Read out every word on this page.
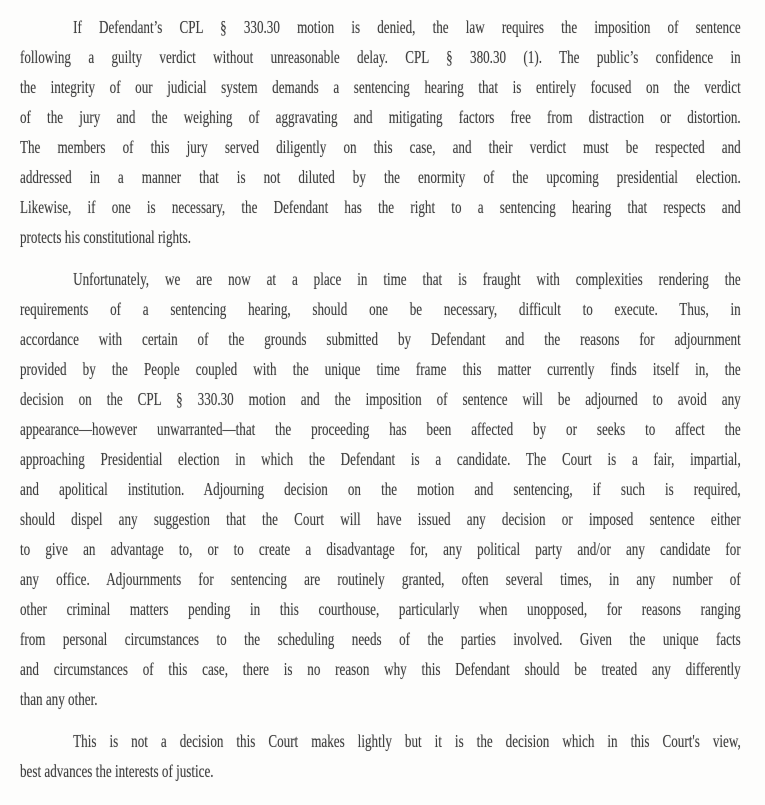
If Defendant’s CPL § 330.30 motion is denied, the law requires the imposition of sentence
following a guilty verdict without unreasonable delay. CPL § 380.30 (1). The public’s confidence in
the integrity of our judicial system demands a sentencing hearing that is entirely focused on the verdict
of the jury and the weighing of aggravating and mitigating factors free from distraction or distortion.
The members of this jury served diligently on this case, and their verdict must be respected and
addressed in a manner that is not diluted by the enormity of the upcoming presidential election.
Likewise, if one is necessary, the Defendant has the right to a sentencing hearing that respects and
protects his constitutional rights.
Unfortunately, we are now at a place in time that is fraught with complexities rendering the
requirements of a sentencing hearing, should one be necessary, difficult to execute. Thus, in
accordance with certain of the grounds submitted by Defendant and the reasons for adjournment
provided by the People coupled with the unique time frame this matter currently finds itself in, the
decision on the CPL § 330.30 motion and the imposition of sentence will be adjourned to avoid any
appearance—however unwarranted—that the proceeding has been affected by or seeks to affect the
approaching Presidential election in which the Defendant is a candidate. The Court is a fair, impartial,
and apolitical institution. Adjourning decision on the motion and sentencing, if such is required,
should dispel any suggestion that the Court will have issued any decision or imposed sentence either
to give an advantage to, or to create a disadvantage for, any political party and/or any candidate for
any office. Adjournments for sentencing are routinely granted, often several times, in any number of
other criminal matters pending in this courthouse, particularly when unopposed, for reasons ranging
from personal circumstances to the scheduling needs of the parties involved. Given the unique facts
and circumstances of this case, there is no reason why this Defendant should be treated any differently
than any other.
This is not a decision this Court makes lightly but it is the decision which in this Court's view,
best advances the interests of justice.
